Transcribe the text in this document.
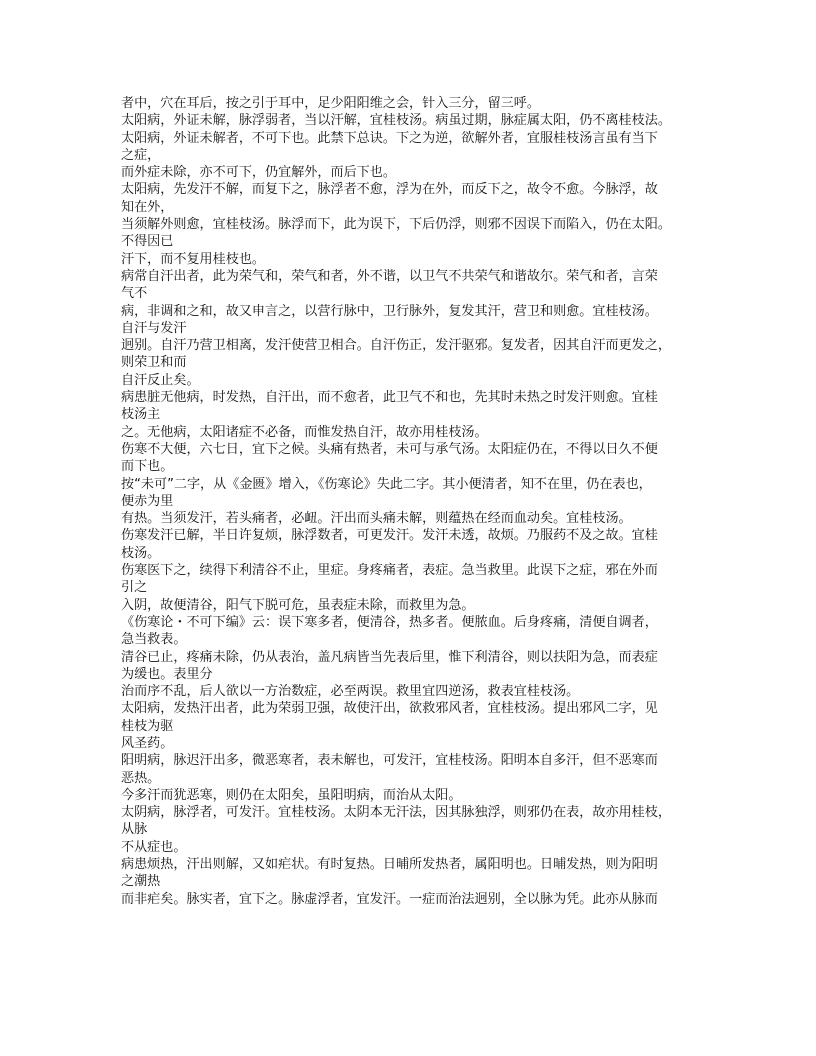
者中，穴在耳后，按之引于耳中，足少阳阳维之会，针入三分，留三呼。
太阳病，外证未解，脉浮弱者，当以汗解，宜桂枝汤。病虽过期，脉症属太阳，仍不离桂枝法。
太阳病，外证未解者，不可下也。此禁下总诀。下之为逆，欲解外者，宜服桂枝汤言虽有当下
之症，
而外症未除，亦不可下，仍宜解外，而后下也。
太阳病，先发汗不解，而复下之，脉浮者不愈，浮为在外，而反下之，故令不愈。今脉浮，故
知在外，
当须解外则愈，宜桂枝汤。脉浮而下，此为误下，下后仍浮，则邪不因误下而陷入，仍在太阳。
不得因已
汗下，而不复用桂枝也。
病常自汗出者，此为荣气和，荣气和者，外不谐，以卫气不共荣气和谐故尔。荣气和者，言荣
气不
病，非调和之和，故又申言之，以营行脉中，卫行脉外，复发其汗，营卫和则愈。宜桂枝汤。
自汗与发汗
迥别。自汗乃营卫相离，发汗使营卫相合。自汗伤正，发汗驱邪。复发者，因其自汗而更发之，
则荣卫和而
自汗反止矣。
病患脏无他病，时发热，自汗出，而不愈者，此卫气不和也，先其时未热之时发汗则愈。宜桂
枝汤主
之。无他病，太阳诸症不必备，而惟发热自汗，故亦用桂枝汤。
伤寒不大便，六七日，宜下之候。头痛有热者，未可与承气汤。太阳症仍在，不得以日久不便
而下也。
按“未可”二字，从《金匮》增入，《伤寒论》失此二字。其小便清者，知不在里，仍在表也，
便赤为里
有热。当须发汗，若头痛者，必衄。汗出而头痛未解，则蕴热在经而血动矣。宜桂枝汤。
伤寒发汗已解，半日许复烦，脉浮数者，可更发汗。发汗未透，故烦。乃服药不及之故。宜桂
枝汤。
伤寒医下之，续得下利清谷不止，里症。身疼痛者，表症。急当救里。此误下之症，邪在外而
引之
入阴，故便清谷，阳气下脱可危，虽表症未除，而救里为急。
《伤寒论・不可下编》云：误下寒多者，便清谷，热多者。便脓血。后身疼痛，清便自调者，
急当救表。
清谷已止，疼痛未除，仍从表治，盖凡病皆当先表后里，惟下利清谷，则以扶阳为急，而表症
为缓也。表里分
治而序不乱，后人欲以一方治数症，必至两误。救里宜四逆汤，救表宜桂枝汤。
太阳病，发热汗出者，此为荣弱卫强，故使汗出，欲救邪风者，宜桂枝汤。提出邪风二字，见
桂枝为驱
风圣药。
阳明病，脉迟汗出多，微恶寒者，表未解也，可发汗，宜桂枝汤。阳明本自多汗，但不恶寒而
恶热。
今多汗而犹恶寒，则仍在太阳矣，虽阳明病，而治从太阳。
太阴病，脉浮者，可发汗。宜桂枝汤。太阴本无汗法，因其脉独浮，则邪仍在表，故亦用桂枝，
从脉
不从症也。
病患烦热，汗出则解，又如疟状。有时复热。日晡所发热者，属阳明也。日晡发热，则为阳明
之潮热
而非疟矣。脉实者，宜下之。脉虚浮者，宜发汗。一症而治法迥别，全以脉为凭。此亦从脉而
